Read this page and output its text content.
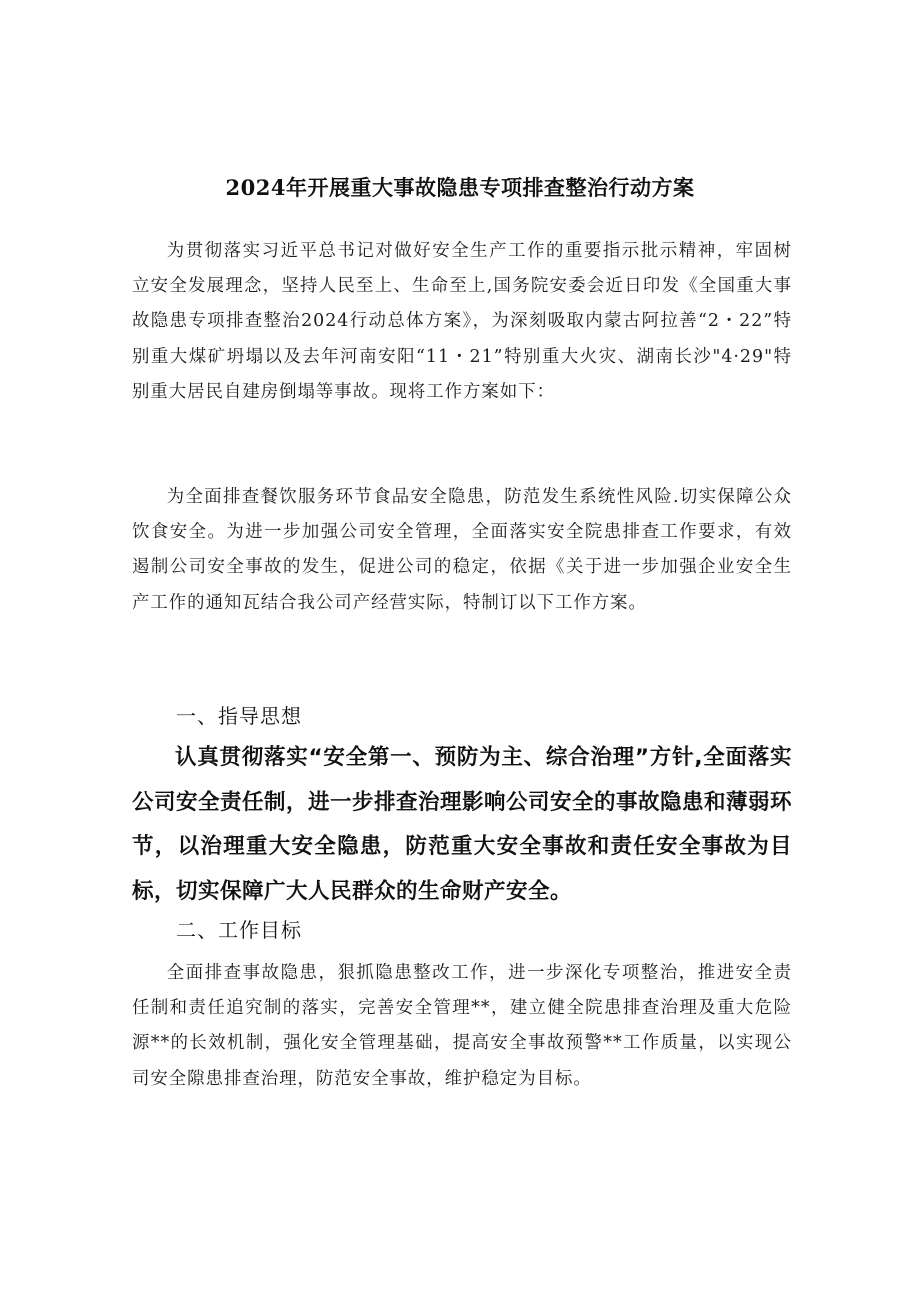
2024年开展重大事故隐患专项排查整治行动方案

为贯彻落实习近平总书记对做好安全生产工作的重要指示批示精神，牢固树立安全发展理念，坚持人民至上、生命至上,国务院安委会近日印发《全国重大事故隐患专项排查整治2024行动总体方案》，为深刻吸取内蒙古阿拉善“2・22”特别重大煤矿坍塌以及去年河南安阳“11・21”特别重大火灾、湖南长沙"4·29"特别重大居民自建房倒塌等事故。现将工作方案如下：

为全面排查餐饮服务环节食品安全隐患，防范发生系统性风险.切实保障公众饮食安全。为进一步加强公司安全管理，全面落实安全院患排查工作要求，有效遏制公司安全事故的发生，促进公司的稳定，依据《关于进一步加强企业安全生产工作的通知瓦结合我公司产经营实际，特制订以下工作方案。

一、指导思想

认真贯彻落实“安全第一、预防为主、综合治理”方针,全面落实公司安全责任制，进一步排查治理影响公司安全的事故隐患和薄弱环节，以治理重大安全隐患，防范重大安全事故和责任安全事故为目标，切实保障广大人民群众的生命财产安全。

二、工作目标

全面排查事故隐患，狠抓隐患整改工作，进一步深化专项整治，推进安全责任制和责任追究制的落实，完善安全管理**，建立健全院患排查治理及重大危险源**的长效机制，强化安全管理基础，提高安全事故预警**工作质量，以实现公司安全隙患排查治理，防范安全事故，维护稳定为目标。
